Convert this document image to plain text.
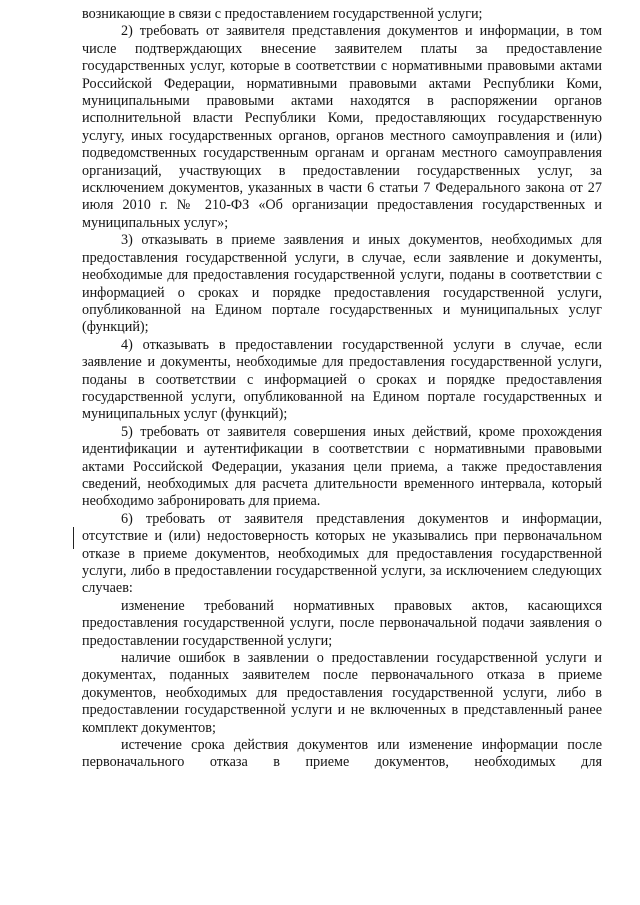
возникающие в связи с предоставлением государственной услуги;

2) требовать от заявителя представления документов и информации, в том числе подтверждающих внесение заявителем платы за предоставление государственных услуг, которые в соответствии с нормативными правовыми актами Российской Федерации, нормативными правовыми актами Республики Коми, муниципальными правовыми актами находятся в распоряжении органов исполнительной власти Республики Коми, предоставляющих государственную услугу, иных государственных органов, органов местного самоуправления и (или) подведомственных государственным органам и органам местного самоуправления организаций, участвующих в предоставлении государственных услуг, за исключением документов, указанных в части 6 статьи 7 Федерального закона от 27 июля 2010 г. № 210-ФЗ «Об организации предоставления государственных и муниципальных услуг»;

3) отказывать в приеме заявления и иных документов, необходимых для предоставления государственной услуги, в случае, если заявление и документы, необходимые для предоставления государственной услуги, поданы в соответствии с информацией о сроках и порядке предоставления государственной услуги, опубликованной на Едином портале государственных и муниципальных услуг (функций);

4) отказывать в предоставлении государственной услуги в случае, если заявление и документы, необходимые для предоставления государственной услуги, поданы в соответствии с информацией о сроках и порядке предоставления государственной услуги, опубликованной на Едином портале государственных и муниципальных услуг (функций);

5) требовать от заявителя совершения иных действий, кроме прохождения идентификации и аутентификации в соответствии с нормативными правовыми актами Российской Федерации, указания цели приема, а также предоставления сведений, необходимых для расчета длительности временного интервала, который необходимо забронировать для приема.

6) требовать от заявителя представления документов и информации, отсутствие и (или) недостоверность которых не указывались при первоначальном отказе в приеме документов, необходимых для предоставления государственной услуги, либо в предоставлении государственной услуги, за исключением следующих случаев:

изменение требований нормативных правовых актов, касающихся предоставления государственной услуги, после первоначальной подачи заявления о предоставлении государственной услуги;

наличие ошибок в заявлении о предоставлении государственной услуги и документах, поданных заявителем после первоначального отказа в приеме документов, необходимых для предоставления государственной услуги, либо в предоставлении государственной услуги и не включенных в представленный ранее комплект документов;

истечение срока действия документов или изменение информации после первоначального отказа в приеме документов, необходимых для
